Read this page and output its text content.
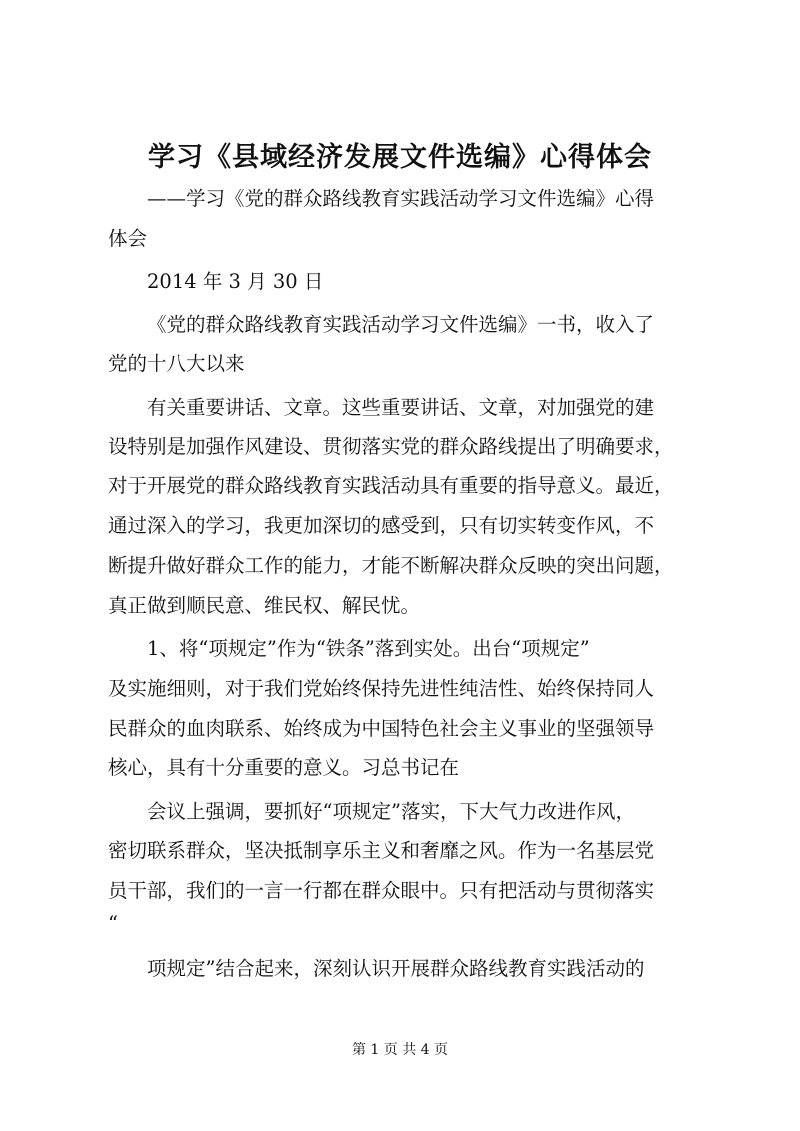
学习《县域经济发展文件选编》心得体会

——学习《党的群众路线教育实践活动学习文件选编》心得

体会

2014 年 3 月 30 日

《党的群众路线教育实践活动学习文件选编》一书，收入了

党的十八大以来

有关重要讲话、文章。这些重要讲话、文章，对加强党的建

设特别是加强作风建设、贯彻落实党的群众路线提出了明确要求，

对于开展党的群众路线教育实践活动具有重要的指导意义。最近，

通过深入的学习，我更加深切的感受到，只有切实转变作风，不

断提升做好群众工作的能力，才能不断解决群众反映的突出问题，

真正做到顺民意、维民权、解民忧。

1、将“项规定”作为“铁条”落到实处。出台“项规定”

及实施细则，对于我们党始终保持先进性纯洁性、始终保持同人

民群众的血肉联系、始终成为中国特色社会主义事业的坚强领导

核心，具有十分重要的意义。习总书记在

会议上强调，要抓好“项规定”落实，下大气力改进作风，

密切联系群众，坚决抵制享乐主义和奢靡之风。作为一名基层党

员干部，我们的一言一行都在群众眼中。只有把活动与贯彻落实

“

项规定”结合起来，深刻认识开展群众路线教育实践活动的

第 1 页 共 4 页
